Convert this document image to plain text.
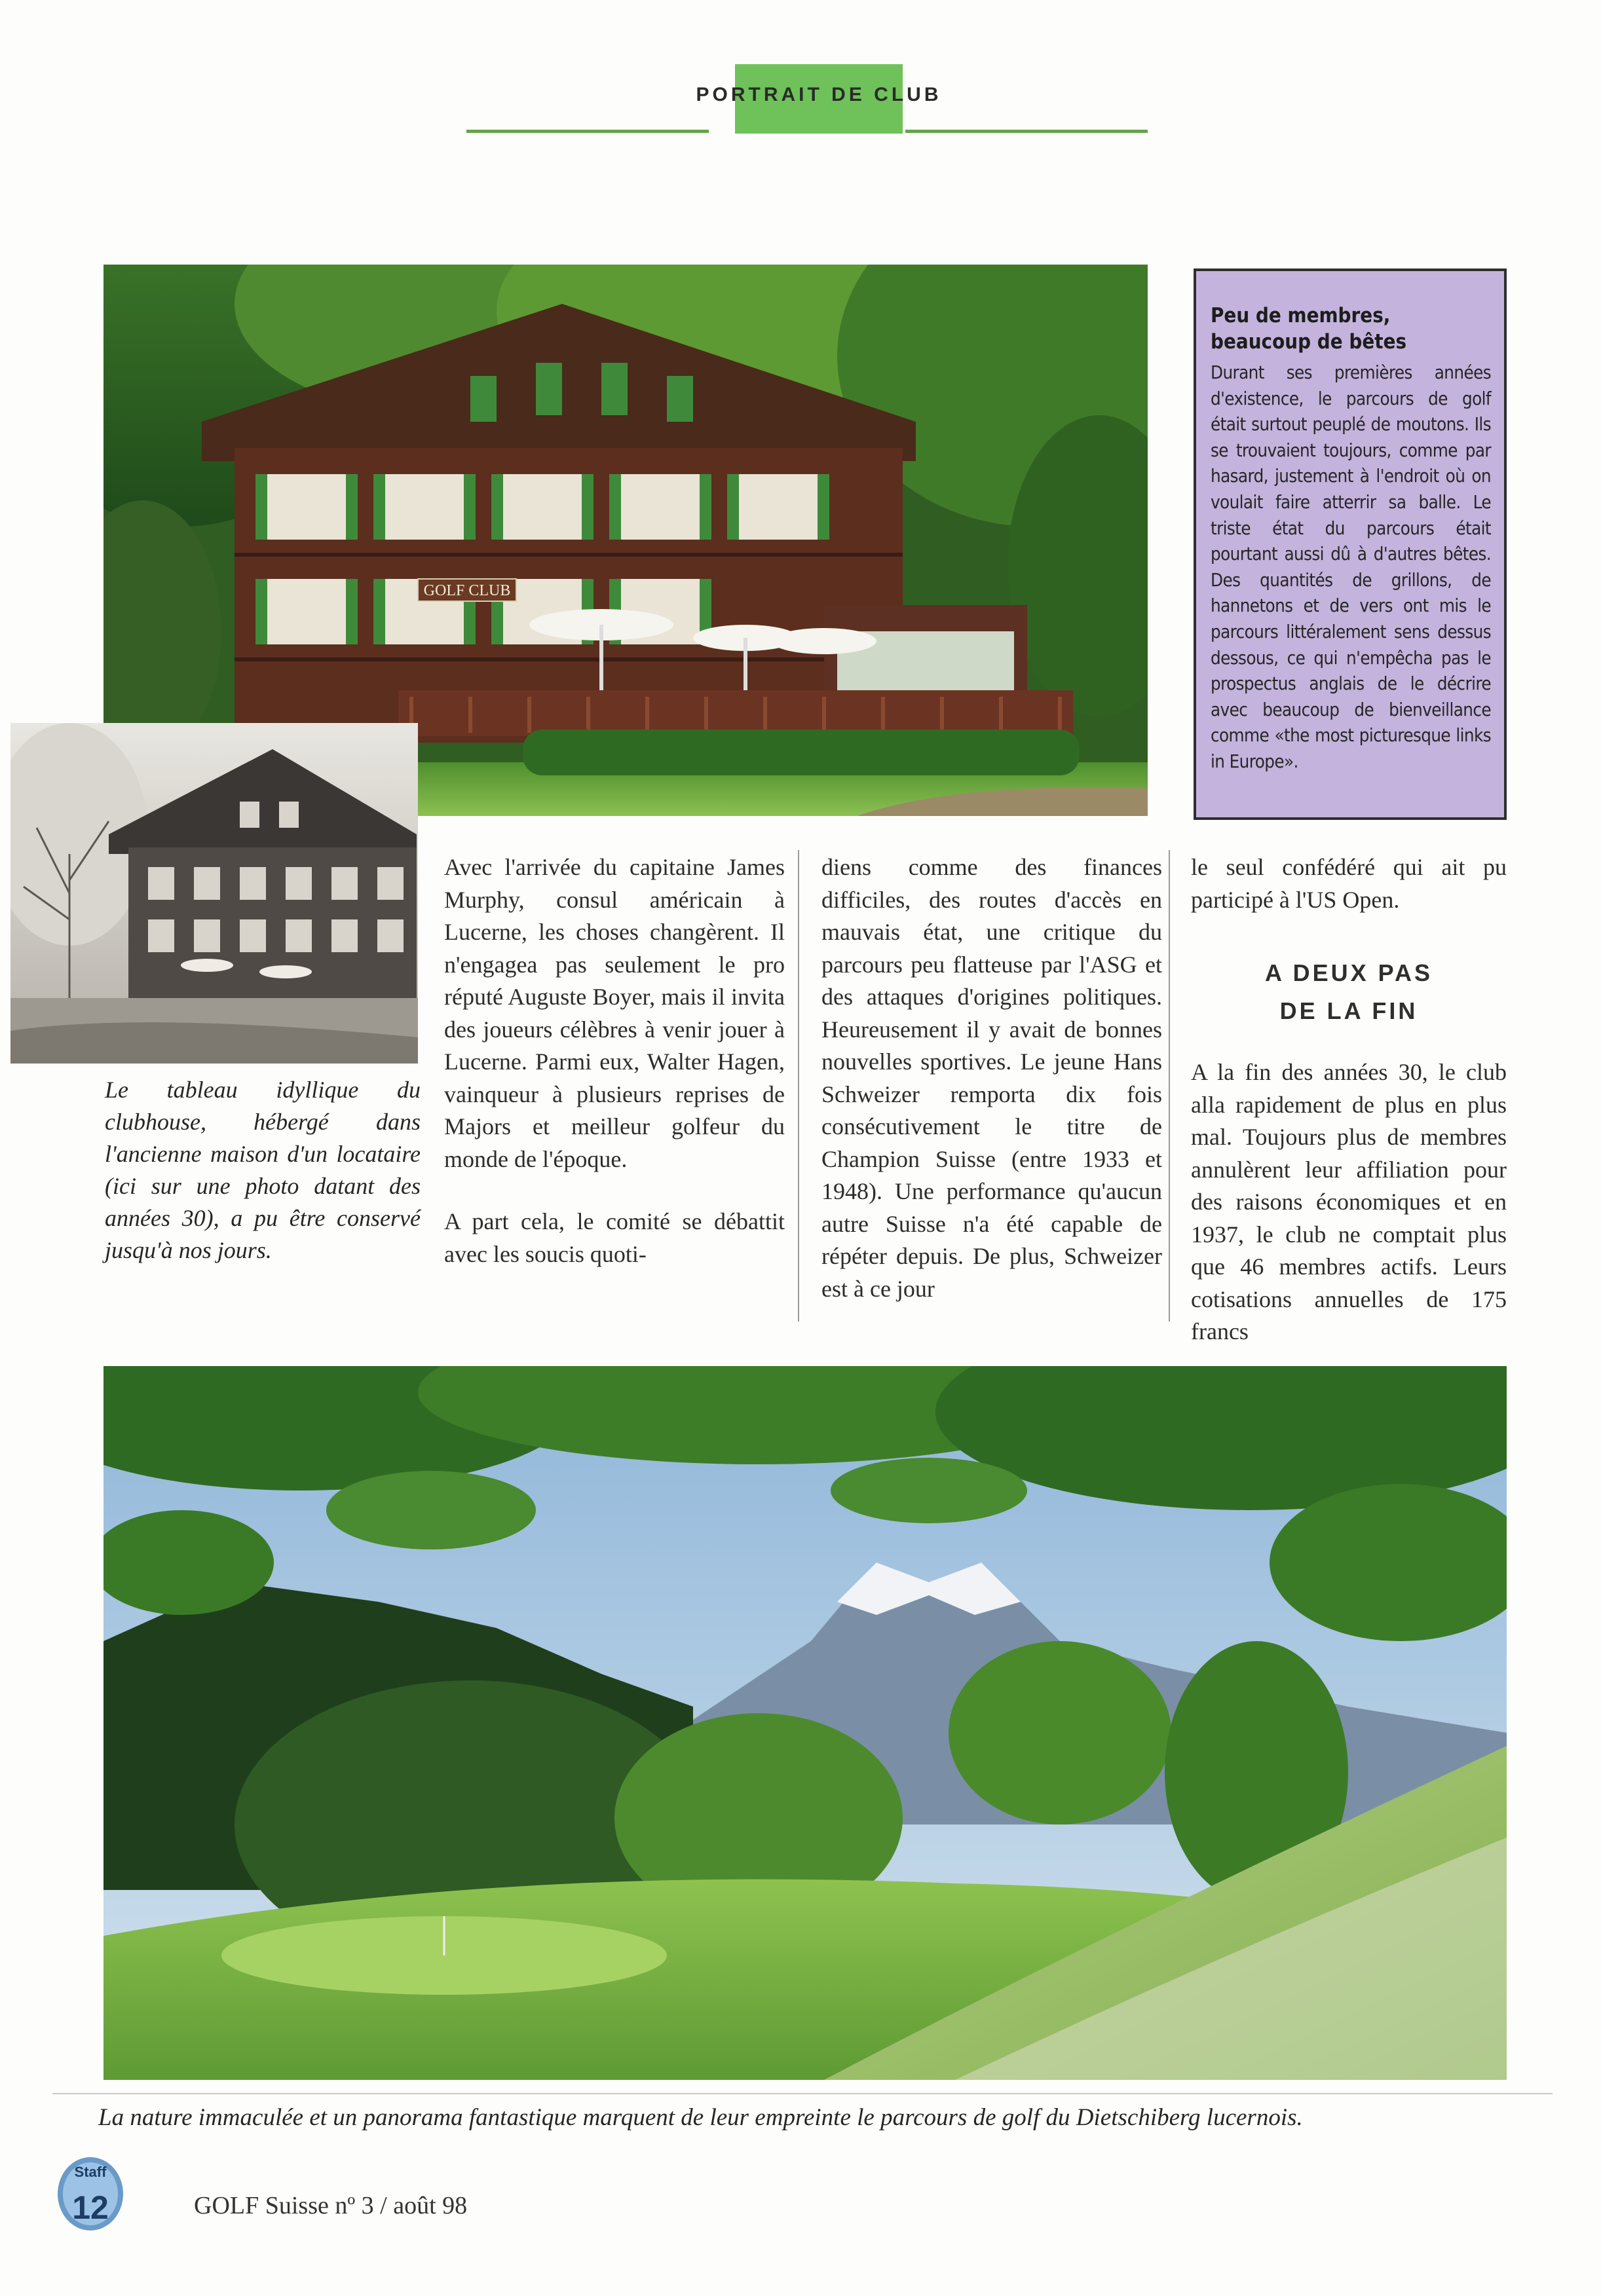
PORTRAIT DE CLUB
GOLF CLUB
Peu de membres, beaucoup de bêtes
Durant ses premières années d'existence, le parcours de golf était surtout peuplé de moutons. Ils se trouvaient toujours, comme par hasard, justement à l'endroit où on voulait faire atterrir sa balle. Le triste état du parcours était pourtant aussi dû à d'autres bêtes. Des quantités de grillons, de hannetons et de vers ont mis le parcours littéralement sens dessus dessous, ce qui n'empêcha pas le prospectus anglais de le décrire avec beaucoup de bienveillance comme «the most picturesque links in Europe».
Le tableau idyllique du clubhouse, hébergé dans l'ancienne maison d'un locataire (ici sur une photo datant des années 30), a pu être conservé jusqu'à nos jours.

Avec l'arrivée du capitaine James Murphy, consul américain à Lucerne, les choses changèrent. Il n'engagea pas seulement le pro réputé Auguste Boyer, mais il invita des joueurs célèbres à venir jouer à Lucerne. Parmi eux, Walter Hagen, vainqueur à plusieurs reprises de Majors et meilleur golfeur du monde de l'époque.

A part cela, le comité se débattit avec les soucis quoti-

diens comme des finances difficiles, des routes d'accès en mauvais état, une critique du parcours peu flatteuse par l'ASG et des attaques d'origines politiques. Heureusement il y avait de bonnes nouvelles sportives. Le jeune Hans Schweizer remporta dix fois consécutivement le titre de Champion Suisse (entre 1933 et 1948). Une performance qu'aucun autre Suisse n'a été capable de répéter depuis. De plus, Schweizer est à ce jour

le seul confédéré qui ait pu participé à l'US Open.

A DEUX PAS
DE LA FIN

A la fin des années 30, le club alla rapidement de plus en plus mal. Toujours plus de membres annulèrent leur affiliation pour des raisons économiques et en 1937, le club ne comptait plus que 46 membres actifs. Leurs cotisations annuelles de 175 francs

La nature immaculée et un panorama fantastique marquent de leur empreinte le parcours de golf du Dietschiberg lucernois.
Staff
12	GOLF Suisse nº 3 / août 98
